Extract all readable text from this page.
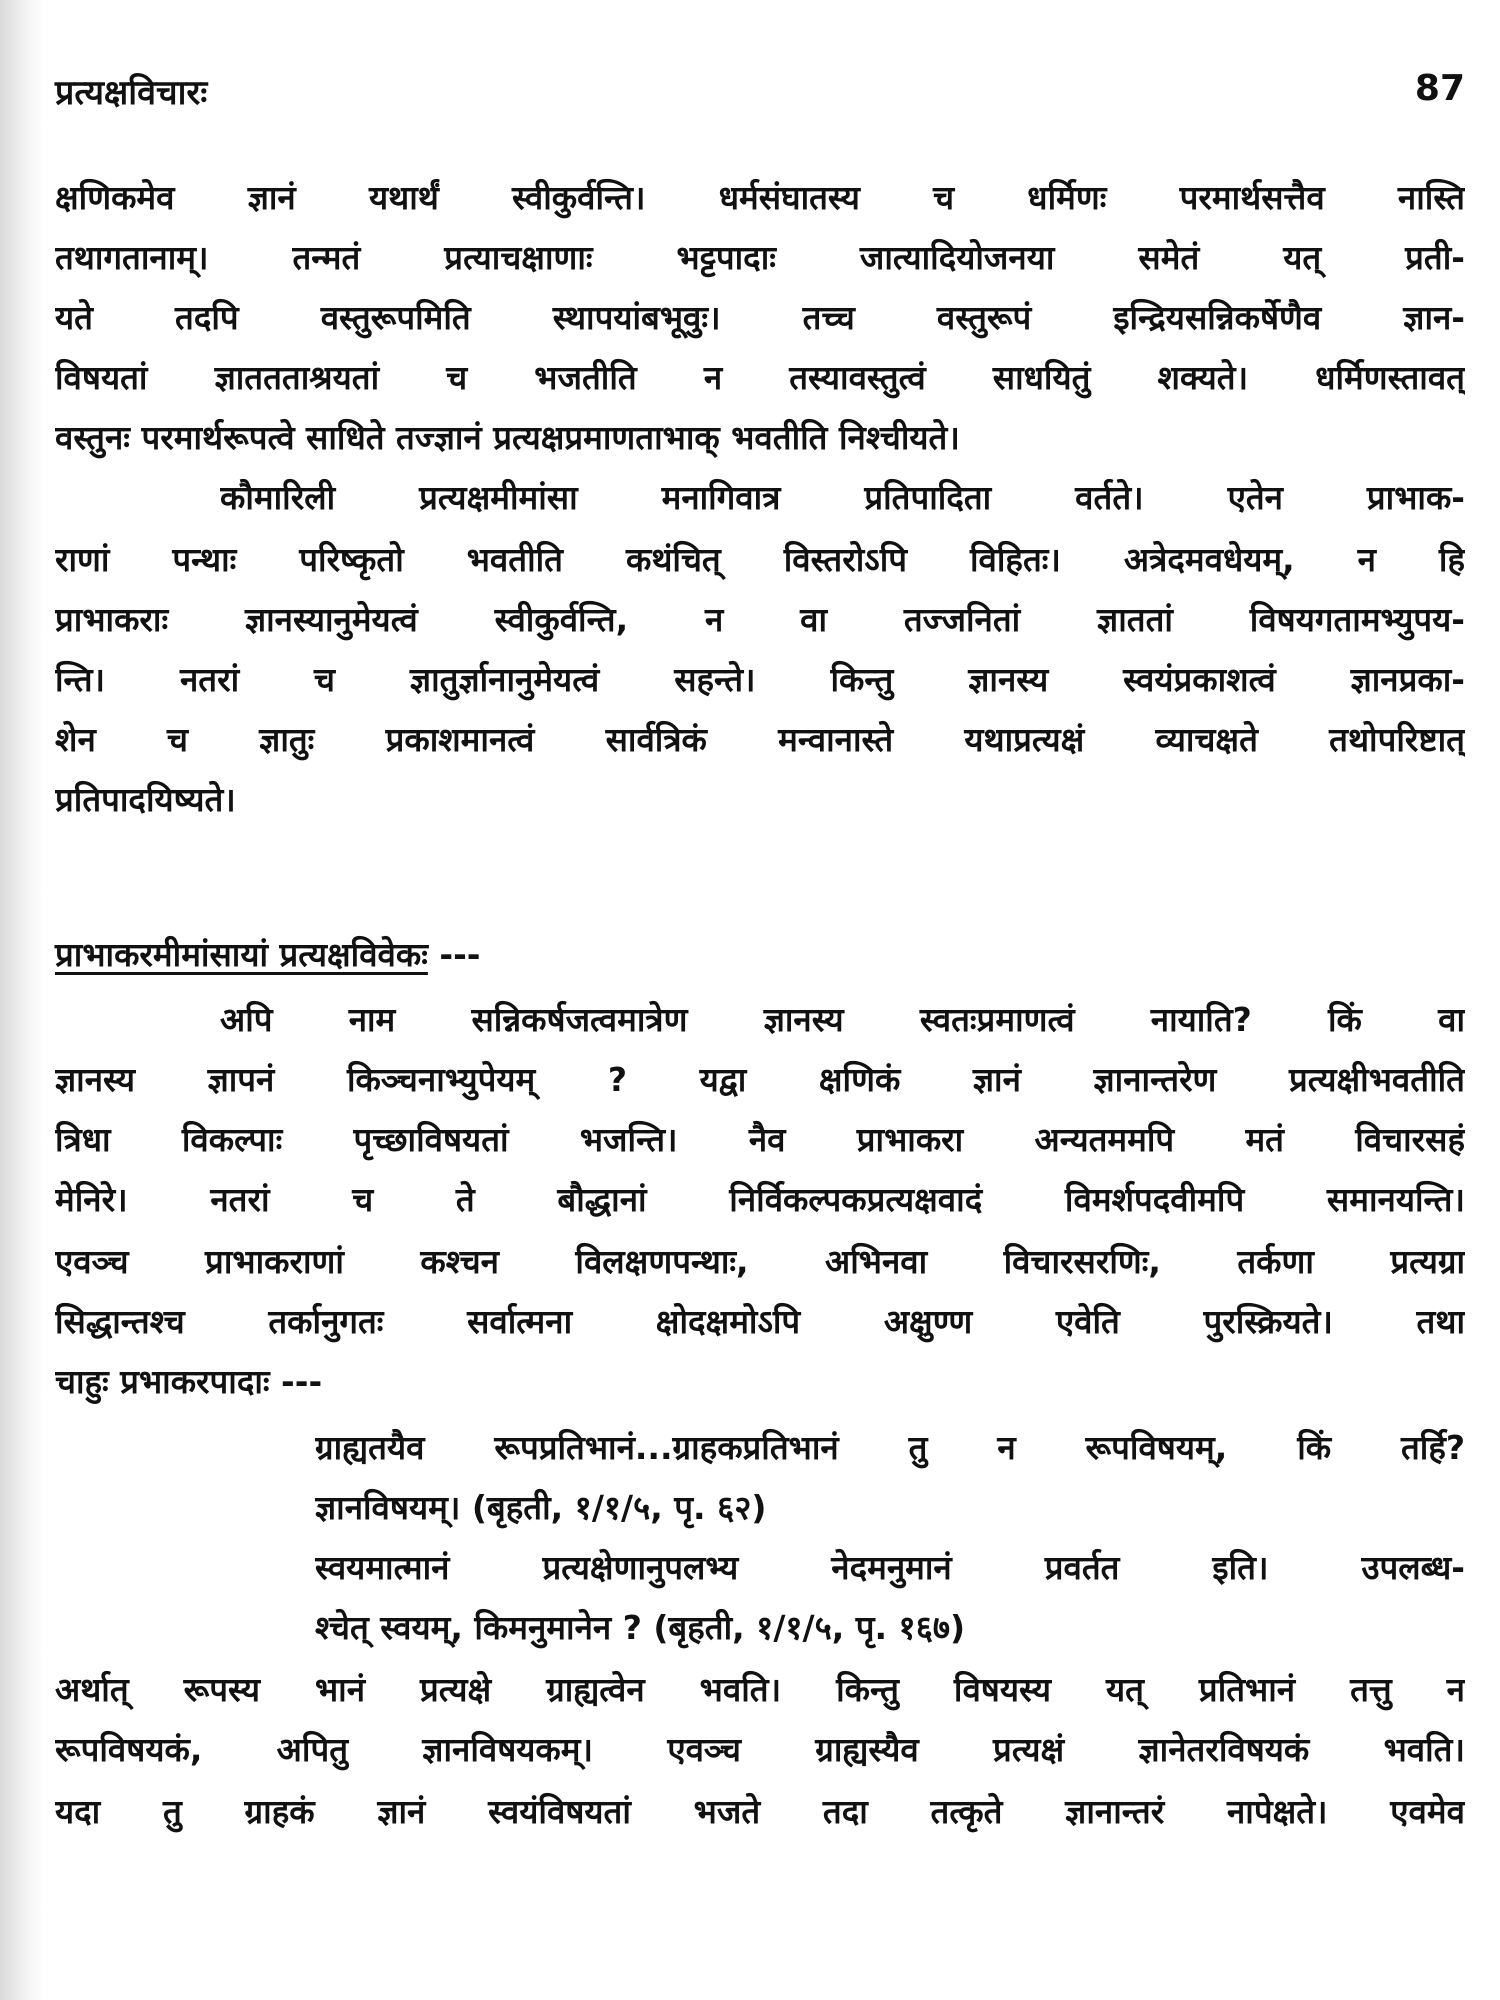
प्रत्यक्षविचारः	87
क्षणिकमेव ज्ञानं यथार्थं स्वीकुर्वन्ति। धर्मसंघातस्य च धर्मिणः परमार्थसत्तैव नास्ति
तथागतानाम्। तन्मतं प्रत्याचक्षाणाः भट्टपादाः जात्यादियोजनया समेतं यत् प्रती-
यते तदपि वस्तुरूपमिति स्थापयांबभूवुः। तच्च वस्तुरूपं इन्द्रियसन्निकर्षेणैव ज्ञान-
विषयतां ज्ञाततताश्रयतां च भजतीति न तस्यावस्तुत्वं साधयितुं शक्यते। धर्मिणस्तावत्
वस्तुनः परमार्थरूपत्वे साधिते तज्ज्ञानं प्रत्यक्षप्रमाणताभाक् भवतीति निश्चीयते।
कौमारिली प्रत्यक्षमीमांसा मनागिवात्र प्रतिपादिता वर्तते। एतेन प्राभाक-
राणां पन्थाः परिष्कृतो भवतीति कथंचित् विस्तरोऽपि विहितः। अत्रेदमवधेयम्, न हि
प्राभाकराः ज्ञानस्यानुमेयत्वं स्वीकुर्वन्ति, न वा तज्जनितां ज्ञाततां विषयगतामभ्युपय-
न्ति। नतरां च ज्ञातुर्ज्ञानानुमेयत्वं सहन्ते। किन्तु ज्ञानस्य स्वयंप्रकाशत्वं ज्ञानप्रका-
शेन च ज्ञातुः प्रकाशमानत्वं सार्वत्रिकं मन्वानास्ते यथाप्रत्यक्षं व्याचक्षते तथोपरिष्टात्
प्रतिपादयिष्यते।
प्राभाकरमीमांसायां प्रत्यक्षविवेकः ---
अपि नाम सन्निकर्षजत्वमात्रेण ज्ञानस्य स्वतःप्रमाणत्वं नायाति? किं वा
ज्ञानस्य ज्ञापनं किञ्चनाभ्युपेयम् ? यद्वा क्षणिकं ज्ञानं ज्ञानान्तरेण प्रत्यक्षीभवतीति
त्रिधा विकल्पाः पृच्छाविषयतां भजन्ति। नैव प्राभाकरा अन्यतममपि मतं विचारसहं
मेनिरे। नतरां च ते बौद्धानां निर्विकल्पकप्रत्यक्षवादं विमर्शपदवीमपि समानयन्ति।
एवञ्च प्राभाकराणां कश्चन विलक्षणपन्थाः, अभिनवा विचारसरणिः, तर्कणा प्रत्यग्रा
सिद्धान्तश्च तर्कानुगतः सर्वात्मना क्षोदक्षमोऽपि अक्षुण्ण एवेति पुरस्क्रियते। तथा
चाहुः प्रभाकरपादाः ---
ग्राह्यतयैव रूपप्रतिभानं...ग्राहकप्रतिभानं तु न रूपविषयम्, किं तर्हि?
ज्ञानविषयम्। (बृहती, १/१/५, पृ. ६२)
स्वयमात्मानं प्रत्यक्षेणानुपलभ्य नेदमनुमानं प्रवर्तत इति। उपलब्ध-
श्चेत् स्वयम्, किमनुमानेन ? (बृहती, १/१/५, पृ. १६७)
अर्थात् रूपस्य भानं प्रत्यक्षे ग्राह्यत्वेन भवति। किन्तु विषयस्य यत् प्रतिभानं तत्तु न
रूपविषयकं, अपितु ज्ञानविषयकम्। एवञ्च ग्राह्यस्यैव प्रत्यक्षं ज्ञानेतरविषयकं भवति।
यदा तु ग्राहकं ज्ञानं स्वयंविषयतां भजते तदा तत्कृते ज्ञानान्तरं नापेक्षते। एवमेव
